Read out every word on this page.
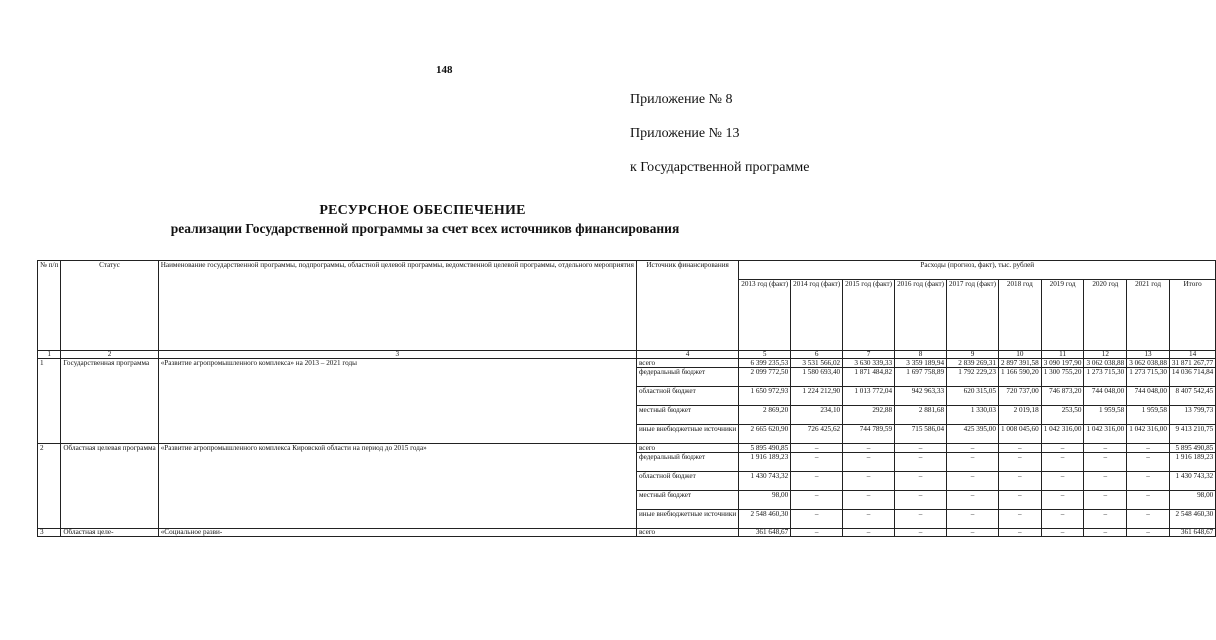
148
Приложение № 8
Приложение № 13
к Государственной программе
РЕСУРСНОЕ ОБЕСПЕЧЕНИЕ
реализации Государственной программы за счет всех источников финансирования
№ п/п	Статус	Наименование государственной программы, подпрограммы, областной целевой программы, ведомственной целевой программы, отдельного мероприятия	Источник финансирования	Расходы (прогноз, факт), тыс. рублей									
				2013 год (факт)	2014 год (факт)	2015 год (факт)	2016 год (факт)	2017 год (факт)	2018 год	2019 год	2020 год	2021 год	Итого
1	2	3	4	5	6	7	8	9	10	11	12	13	14
1	Государственная программа	«Развитие агропромышленного комплекса» на 2013 – 2021 годы	всего	6 399 235,53	3 531 566,02	3 630 339,33	3 359 189,94	2 839 269,31	2 897 391,58	3 090 197,90	3 062 038,88	3 062 038,88	31 871 267,77
			федеральный бюджет	2 099 772,50	1 580 693,40	1 871 484,82	1 697 758,89	1 792 229,23	1 166 590,20	1 300 755,20	1 273 715,30	1 273 715,30	14 036 714,84
			областной бюджет	1 650 972,93	1 224 212,90	1 013 772,04	942 963,33	620 315,05	720 737,00	746 873,20	744 048,00	744 048,00	8 407 542,45
			местный бюджет	2 869,20	234,10	292,88	2 881,68	1 330,03	2 019,18	253,50	1 959,58	1 959,58	13 799,73
			иные внебюджетные источники	2 665 620,90	726 425,62	744 789,59	715 586,04	425 395,00	1 008 045,60	1 042 316,00	1 042 316,00	1 042 316,00	9 413 210,75
2	Областная целевая программа	«Развитие агропромышленного комплекса Кировской области на период до 2015 года»	всего	5 895 490,85	–	–	–	–	–	–	–	–	5 895 490,85
			федеральный бюджет	1 916 189,23	–	–	–	–	–	–	–	–	1 916 189,23
			областной бюджет	1 430 743,32	–	–	–	–	–	–	–	–	1 430 743,32
			местный бюджет	98,00	–	–	–	–	–	–	–	–	98,00
			иные внебюджетные источники	2 548 460,30	–	–	–	–	–	–	–	–	2 548 460,30
3	Областная целе-	«Социальное разви-	всего	361 648,67	–	–	–	–	–	–	–	–	361 648,67
